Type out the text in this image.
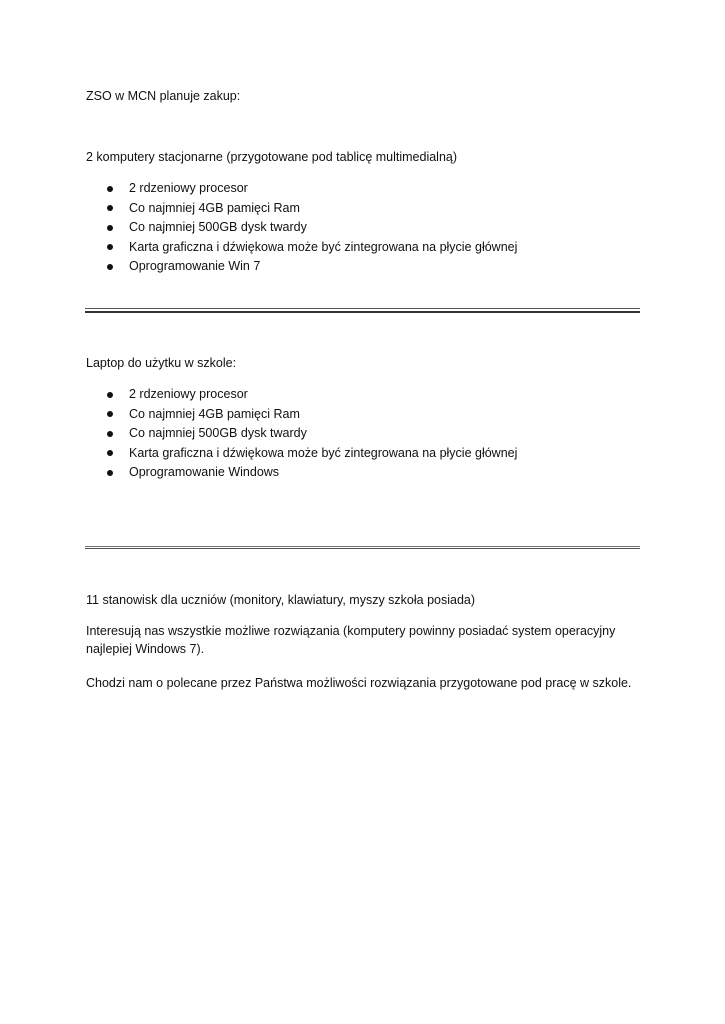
ZSO w MCN planuje zakup:
2 komputery stacjonarne (przygotowane pod tablicę multimedialną)
2 rdzeniowy procesor
Co najmniej 4GB pamięci Ram
Co najmniej 500GB dysk twardy
Karta graficzna i dźwiękowa może być zintegrowana na płycie głównej
Oprogramowanie Win 7
Laptop do użytku w szkole:
2 rdzeniowy procesor
Co najmniej 4GB pamięci Ram
Co najmniej 500GB dysk twardy
Karta graficzna i dźwiękowa może być zintegrowana na płycie głównej
Oprogramowanie Windows
11 stanowisk dla uczniów (monitory, klawiatury, myszy szkoła posiada)
Interesują nas wszystkie możliwe rozwiązania (komputery powinny posiadać system operacyjny najlepiej Windows 7).
Chodzi nam o polecane przez Państwa możliwości rozwiązania przygotowane pod pracę w szkole.
